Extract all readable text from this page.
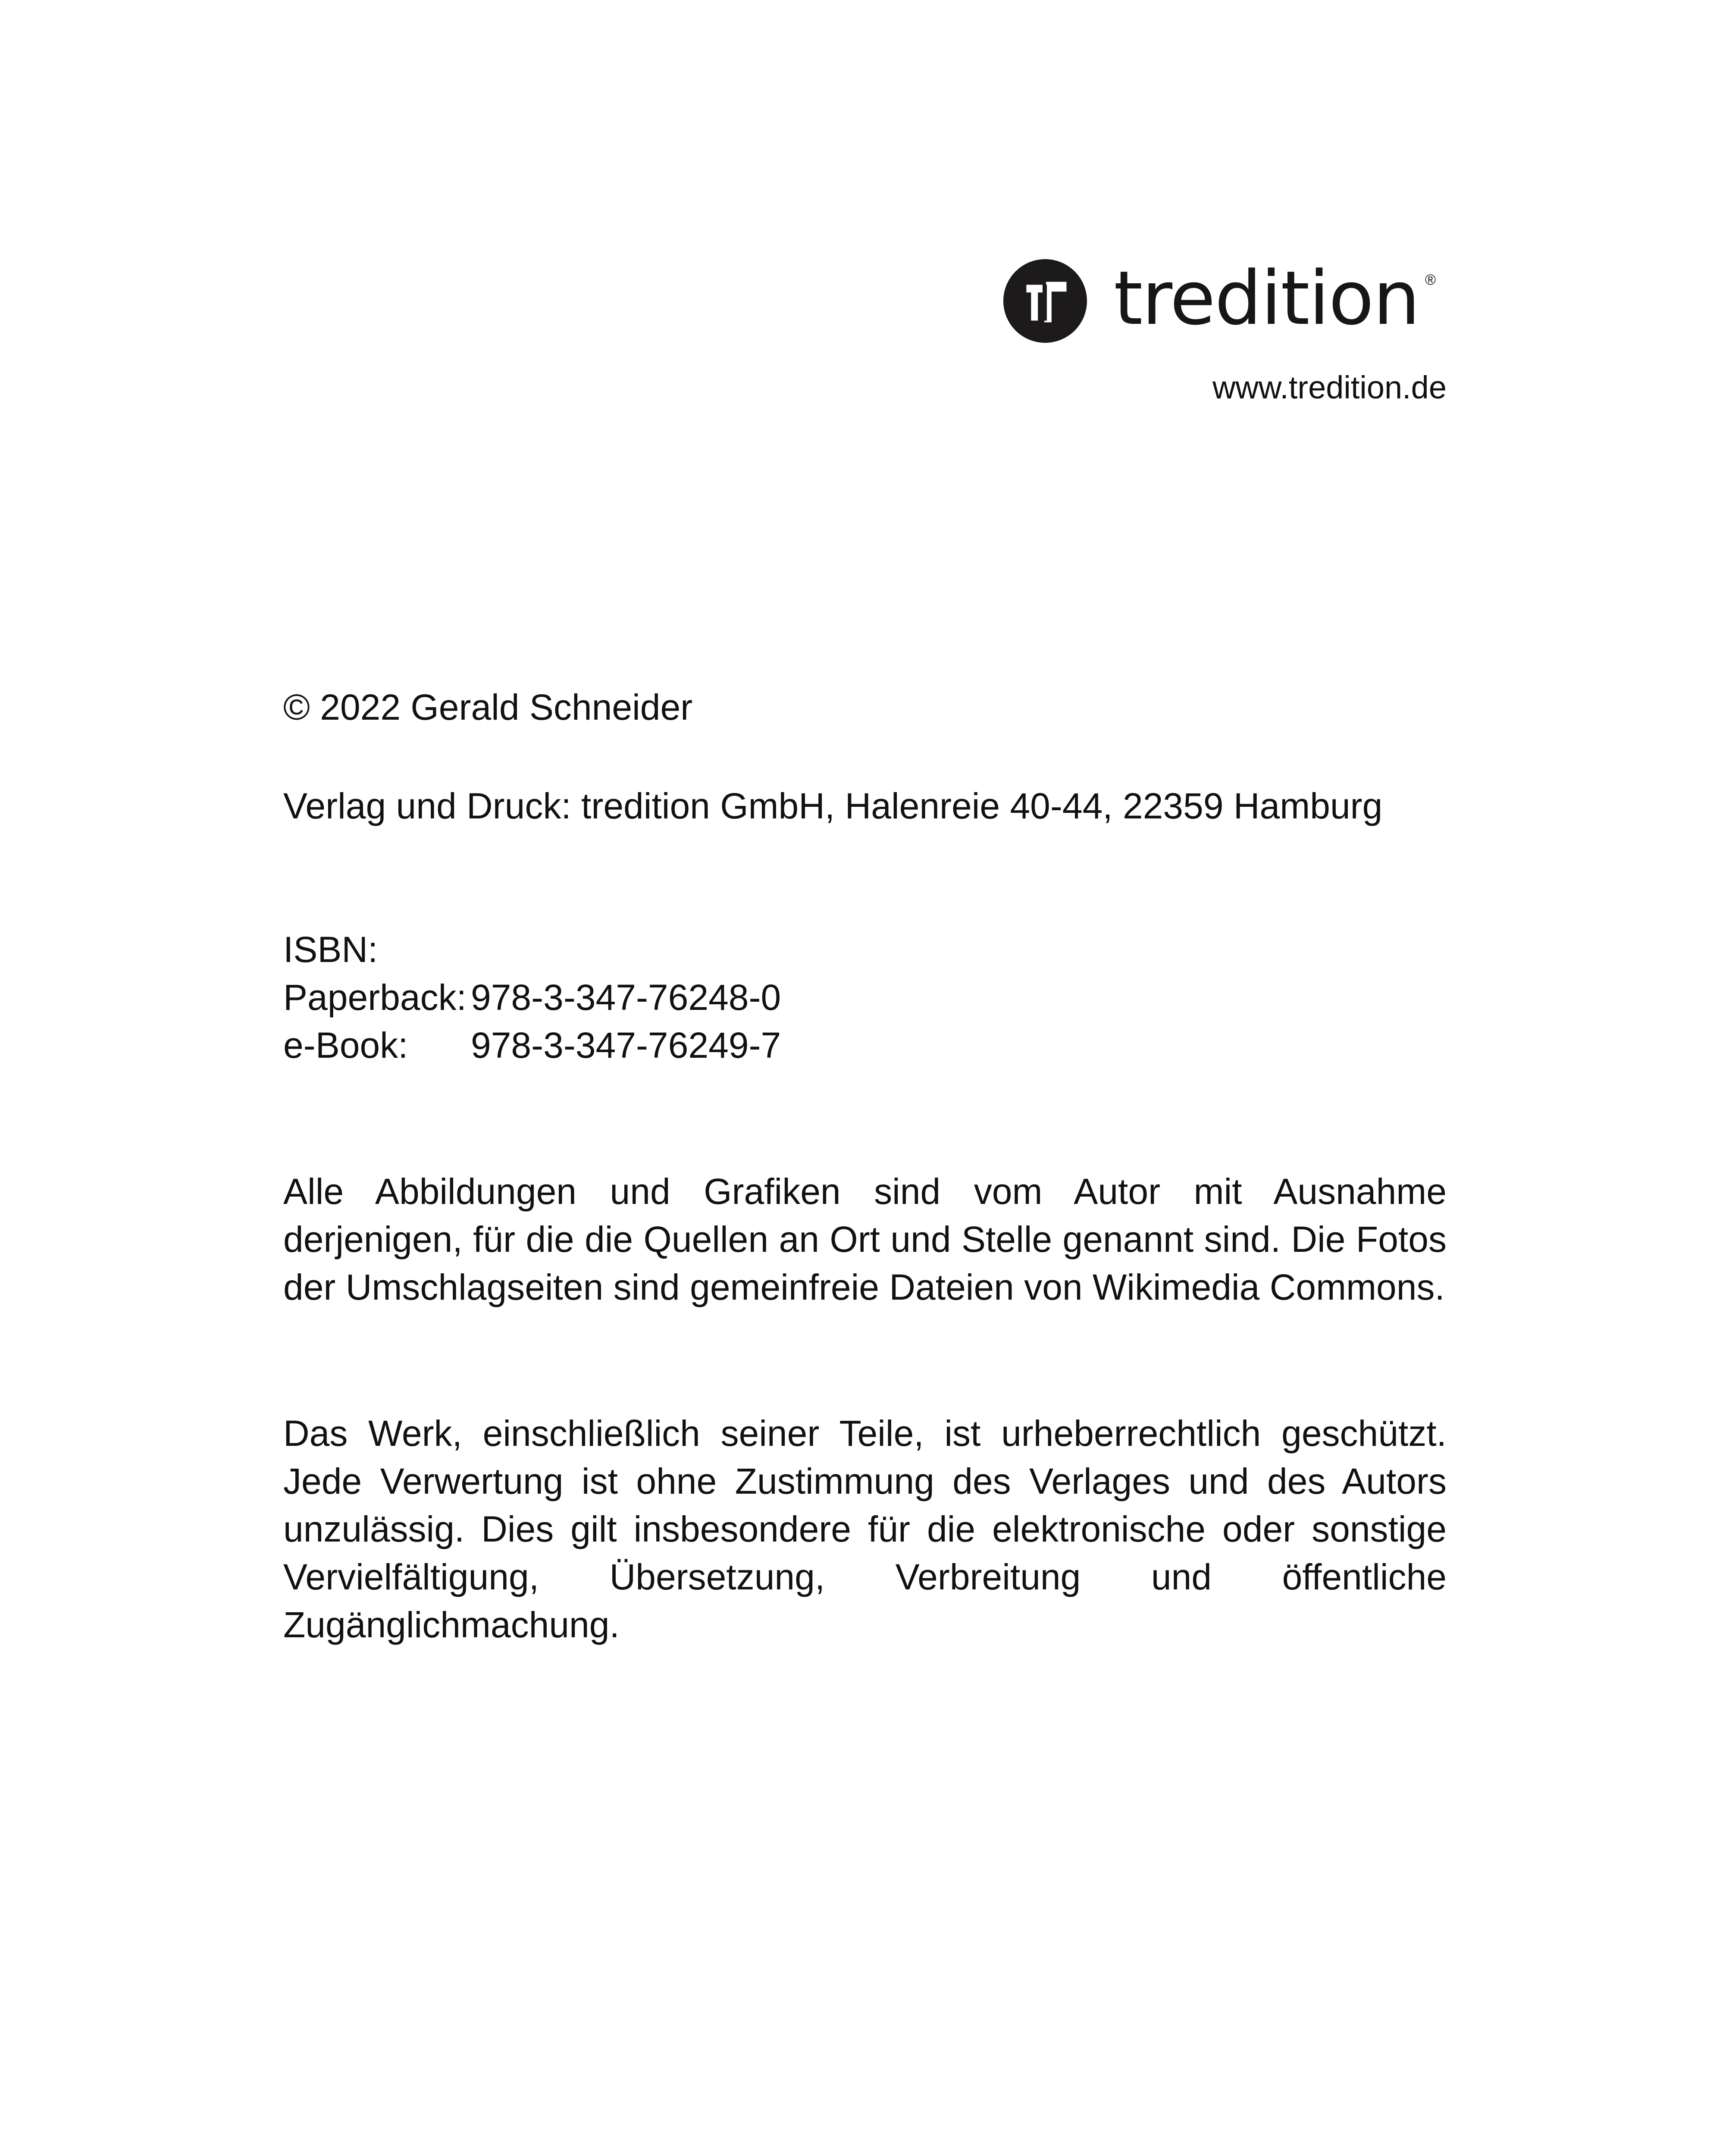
tredition ®
www.tredition.de
© 2022 Gerald Schneider
Verlag und Druck: tredition GmbH, Halenreie 40-44, 22359 Hamburg
ISBN:
Paperback: 978-3-347-76248-0
e-Book:	978-3-347-76249-7

Alle Abbildungen und Grafiken sind vom Autor mit Ausnahme derjenigen, für die die Quellen an Ort und Stelle genannt sind. Die Fotos der Umschlagseiten sind gemeinfreie Dateien von Wikimedia Commons.

Das Werk, einschließlich seiner Teile, ist urheberrechtlich geschützt. Jede Verwertung ist ohne Zustimmung des Verlages und des Autors unzulässig. Dies gilt insbesondere für die elektronische oder sonstige Vervielfältigung, Übersetzung, Verbreitung und öffentliche Zugänglichmachung.
